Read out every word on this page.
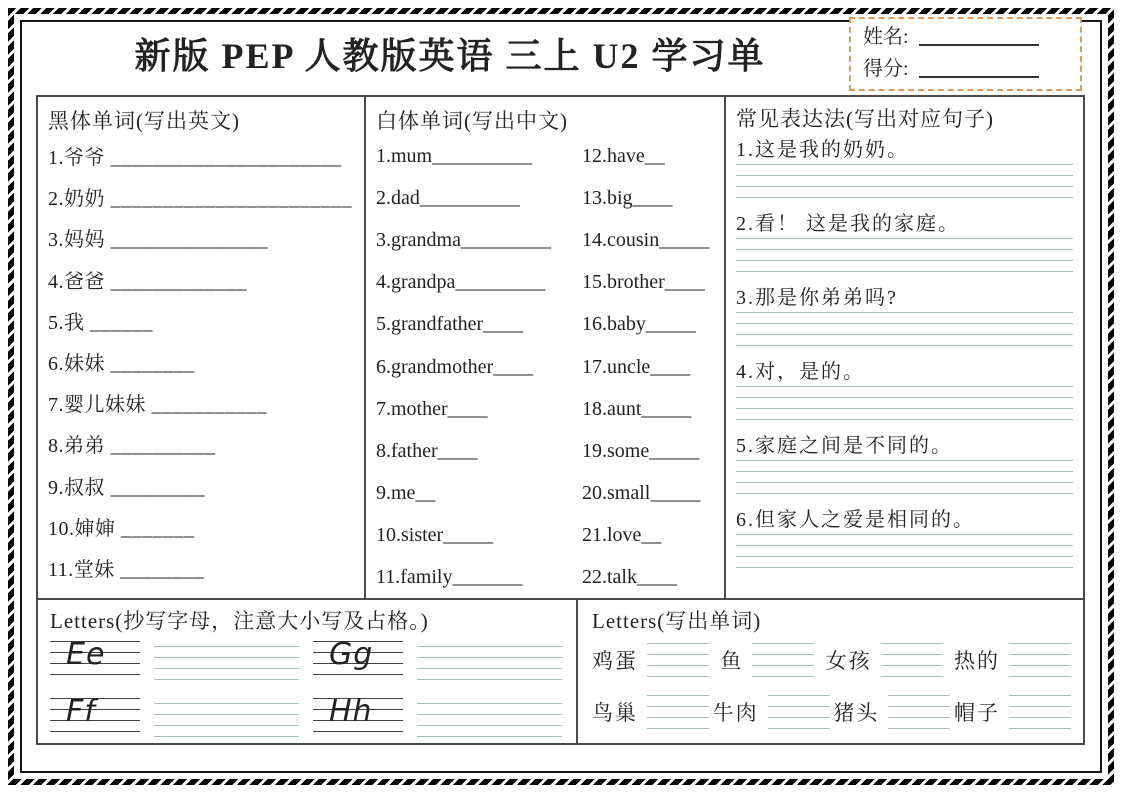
新版 PEP 人教版英语 三上 U2 学习单	姓名:
得分:
黑体单词(写出英文)
1.爷爷 ______________________
2.奶奶 _______________________
3.妈妈 _______________
4.爸爸 _____________
5.我 ______
6.妹妹 ________
7.婴儿妹妹 ___________
8.弟弟 __________
9.叔叔 _________
10.婶婶 _______
11.堂妹 ________
白体单词(写出中文)
1.mum__________
2.dad__________
3.grandma_________
4.grandpa_________
5.grandfather____
6.grandmother____
7.mother____
8.father____
9.me__
10.sister_____
11.family_______
12.have__
13.big____
14.cousin_____
15.brother____
16.baby_____
17.uncle____
18.aunt_____
19.some_____
20.small_____
21.love__
22.talk____
常见表达法(写出对应句子)
1.这是我的奶奶。
2.看！ 这是我的家庭。
3.那是你弟弟吗?
4.对，是的。
5.家庭之间是不同的。
6.但家人之爱是相同的。
Letters(抄写字母，注意大小写及占格。)
Ee	Gg
Ff	Hh
Letters(写出单词)
鸡蛋	鱼	女孩	热的
鸟巢	牛肉	猪头	帽子
